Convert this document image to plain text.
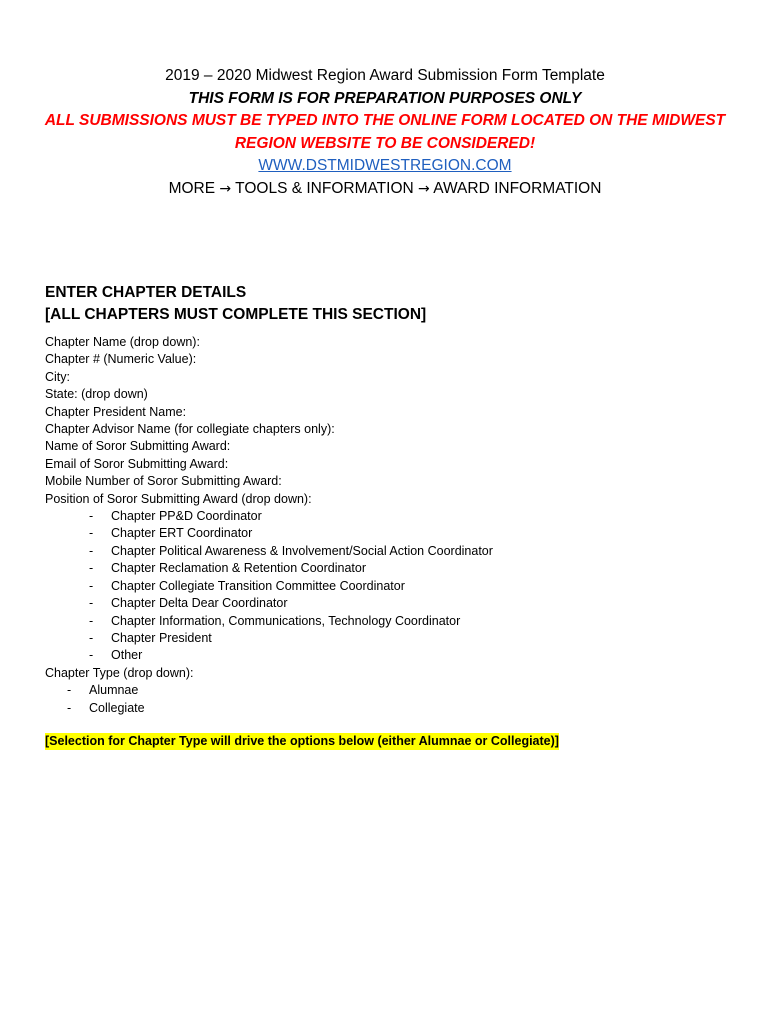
2019 – 2020 Midwest Region Award Submission Form Template
THIS FORM IS FOR PREPARATION PURPOSES ONLY
ALL SUBMISSIONS MUST BE TYPED INTO THE ONLINE FORM LOCATED ON THE MIDWEST
REGION WEBSITE TO BE CONSIDERED!
WWW.DSTMIDWESTREGION.COM
MORE → TOOLS & INFORMATION → AWARD INFORMATION
ENTER CHAPTER DETAILS
[ALL CHAPTERS MUST COMPLETE THIS SECTION]
Chapter Name (drop down):
Chapter # (Numeric Value):
City:
State: (drop down)
Chapter President Name:
Chapter Advisor Name (for collegiate chapters only):
Name of Soror Submitting Award:
Email of Soror Submitting Award:
Mobile Number of Soror Submitting Award:
Position of Soror Submitting Award (drop down):
-	Chapter PP&D Coordinator
-	Chapter ERT Coordinator
-	Chapter Political Awareness & Involvement/Social Action Coordinator
-	Chapter Reclamation & Retention Coordinator
-	Chapter Collegiate Transition Committee Coordinator
-	Chapter Delta Dear Coordinator
-	Chapter Information, Communications, Technology Coordinator
-	Chapter President
-	Other
Chapter Type (drop down):
-	Alumnae
-	Collegiate
[Selection for Chapter Type will drive the options below (either Alumnae or Collegiate)]
